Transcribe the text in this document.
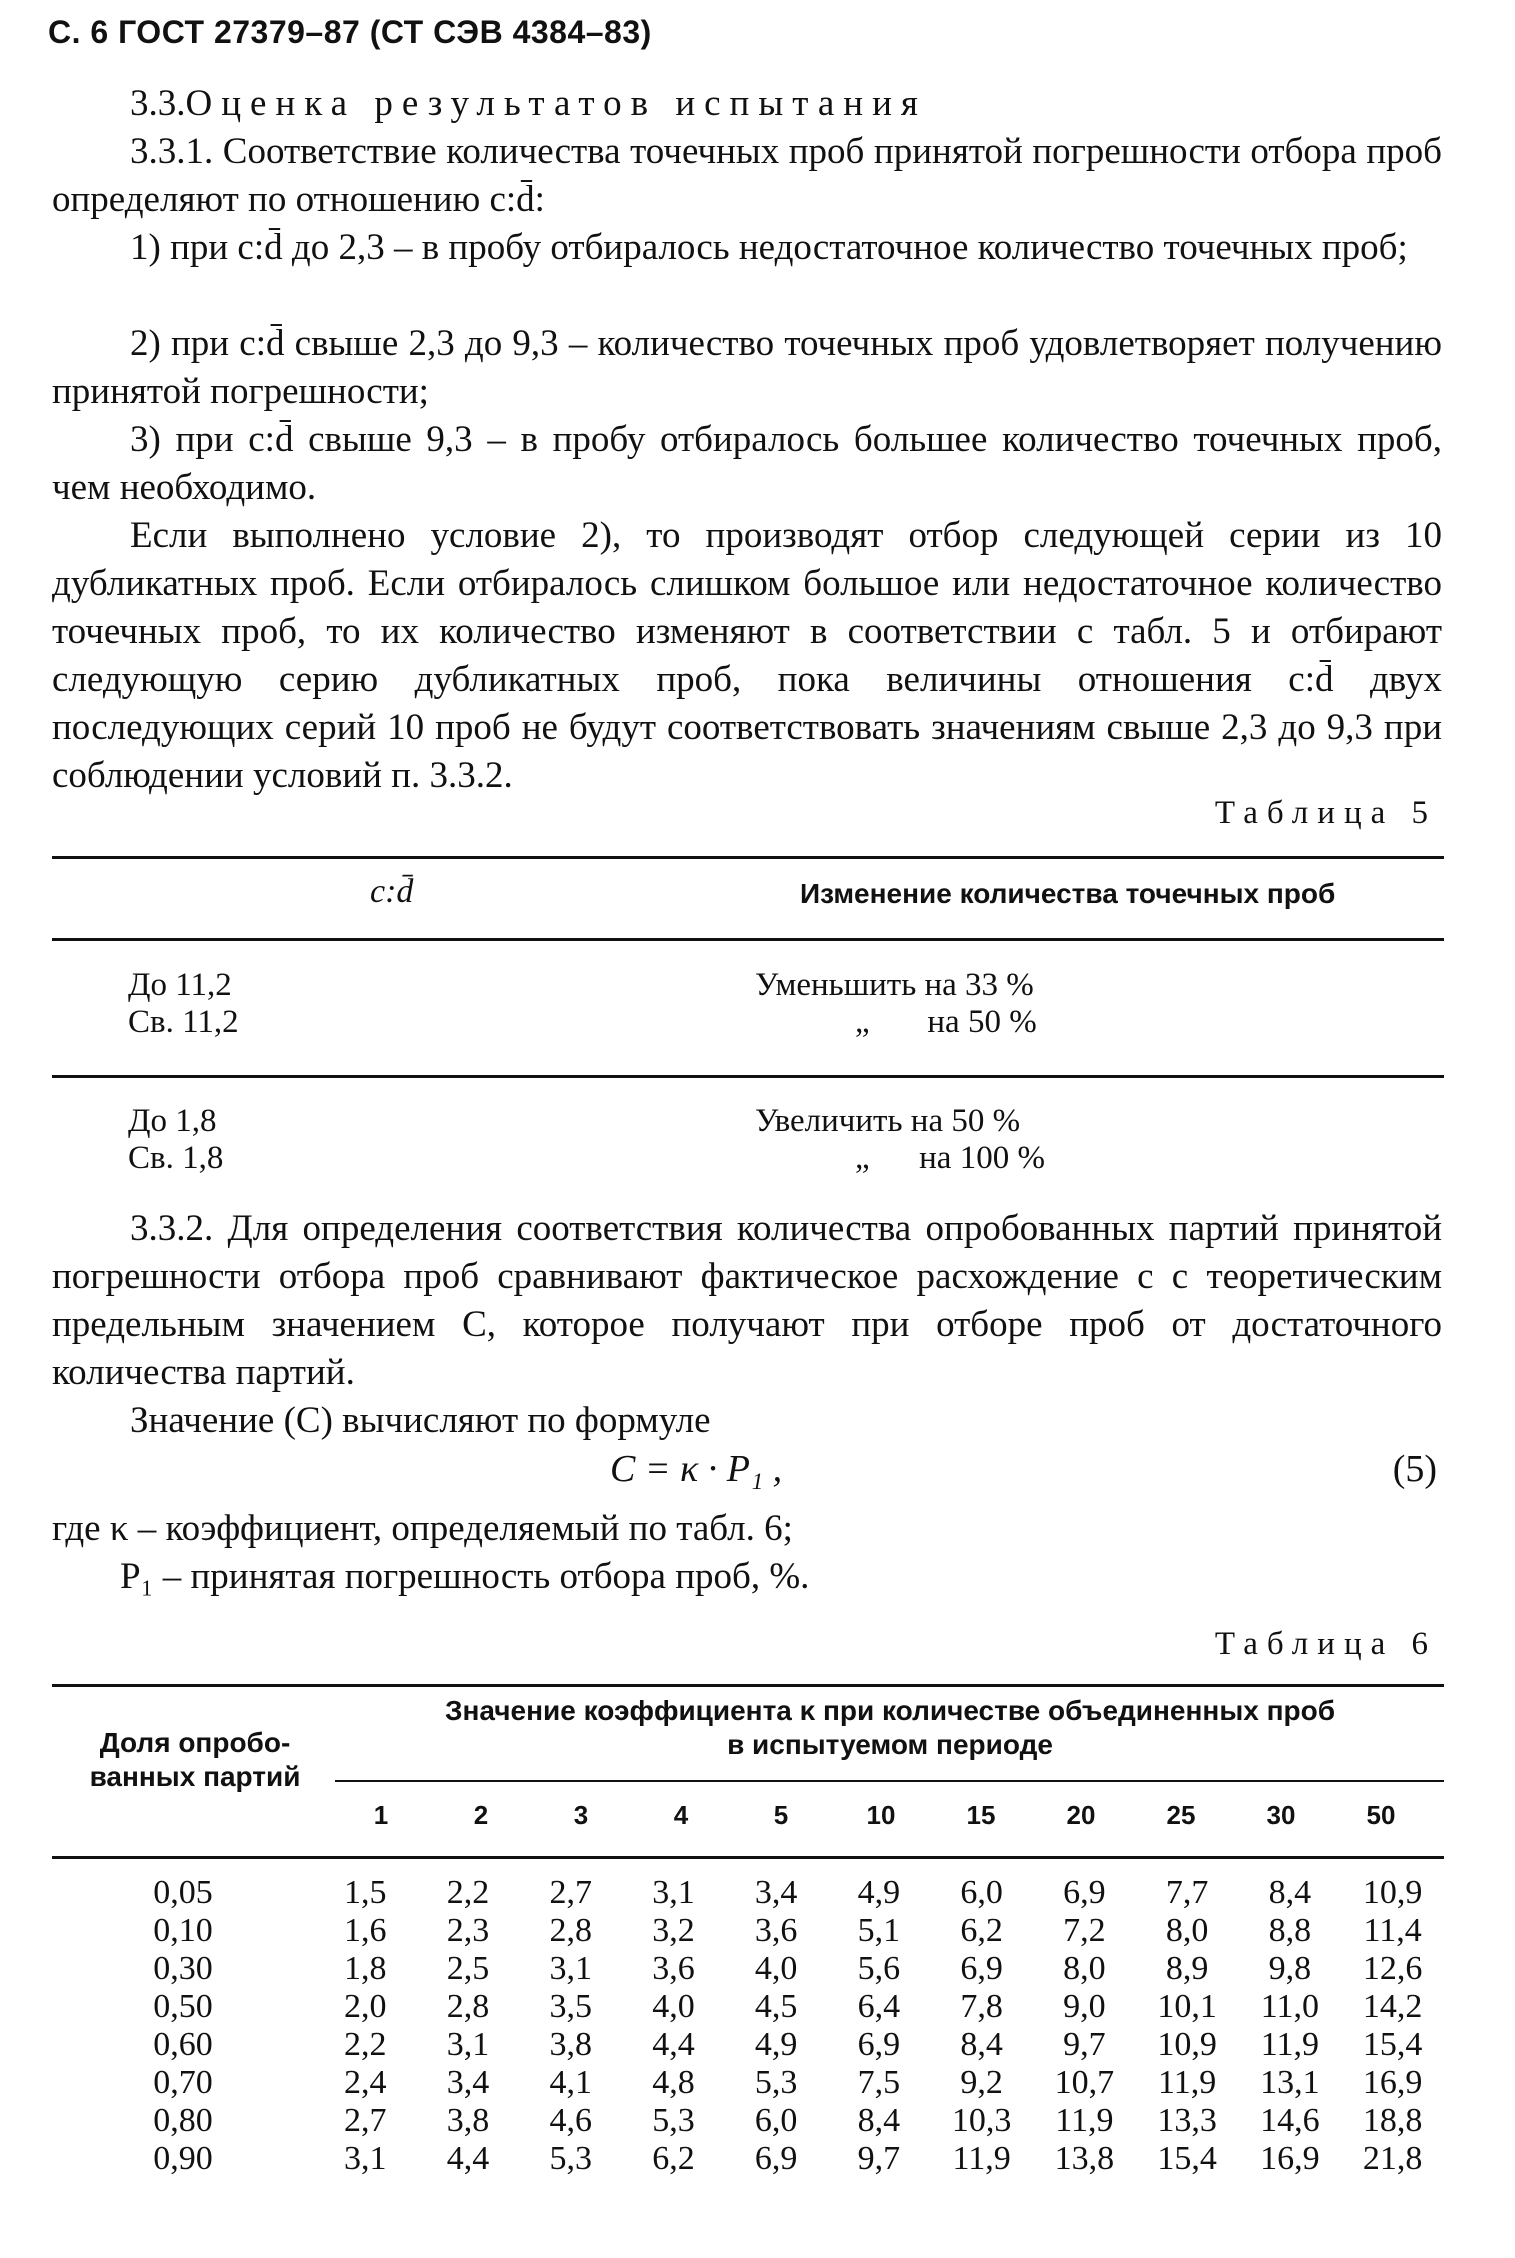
С. 6 ГОСТ 27379–87 (СТ СЭВ 4384–83)

3.3.Оценка результатов испытания

3.3.1. Соответствие количества точечных проб принятой погрешности отбора проб определяют по отношению c:d̄:

1) при c:d̄ до 2,3 – в пробу отбиралось недостаточное количество точечных проб;

2) при c:d̄ свыше 2,3 до 9,3 – количество точечных проб удовлетворяет получению принятой погрешности;

3) при c:d̄ свыше 9,3 – в пробу отбиралось большее количество точечных проб, чем необходимо.

Если выполнено условие 2), то производят отбор следующей серии из 10 дубликатных проб. Если отбиралось слишком большое или недостаточное количество точечных проб, то их количество изменяют в соответствии с табл. 5 и отбирают следующую серию дубликатных проб, пока величины отношения c:d̄ двух последующих серий 10 проб не будут соответствовать значениям свыше 2,3 до 9,3 при соблюдении условий п. 3.3.2.

Таблица 5
c:d̄	Изменение количества точечных проб
До 11,2	Уменьшить на 33 %
Св. 11,2	„       на 50 %
До 1,8	Увеличить на 50 %
Св. 1,8	„      на 100 %

3.3.2. Для определения соответствия количества опробованных партий принятой погрешности отбора проб сравнивают фактическое расхождение c с теоретическим предельным значением C, которое получают при отборе проб от достаточного количества партий.

Значение (C) вычисляют по формуле

C = κ · P₁ ,	(5)

где κ – коэффициент, определяемый по табл. 6;

P₁ – принятая погрешность отбора проб, %.

Таблица 6
Доля опробо-
ванных партий
Значение коэффициента κ при количестве объединенных проб
в испытуемом периоде
1	2	3	4	5	10	15	20	25	30	50
0,05	1,5	2,2	2,7	3,1	3,4	4,9	6,0	6,9	7,7	8,4	10,9
0,10	1,6	2,3	2,8	3,2	3,6	5,1	6,2	7,2	8,0	8,8	11,4
0,30	1,8	2,5	3,1	3,6	4,0	5,6	6,9	8,0	8,9	9,8	12,6
0,50	2,0	2,8	3,5	4,0	4,5	6,4	7,8	9,0	10,1	11,0	14,2
0,60	2,2	3,1	3,8	4,4	4,9	6,9	8,4	9,7	10,9	11,9	15,4
0,70	2,4	3,4	4,1	4,8	5,3	7,5	9,2	10,7	11,9	13,1	16,9
0,80	2,7	3,8	4,6	5,3	6,0	8,4	10,3	11,9	13,3	14,6	18,8
0,90	3,1	4,4	5,3	6,2	6,9	9,7	11,9	13,8	15,4	16,9	21,8
